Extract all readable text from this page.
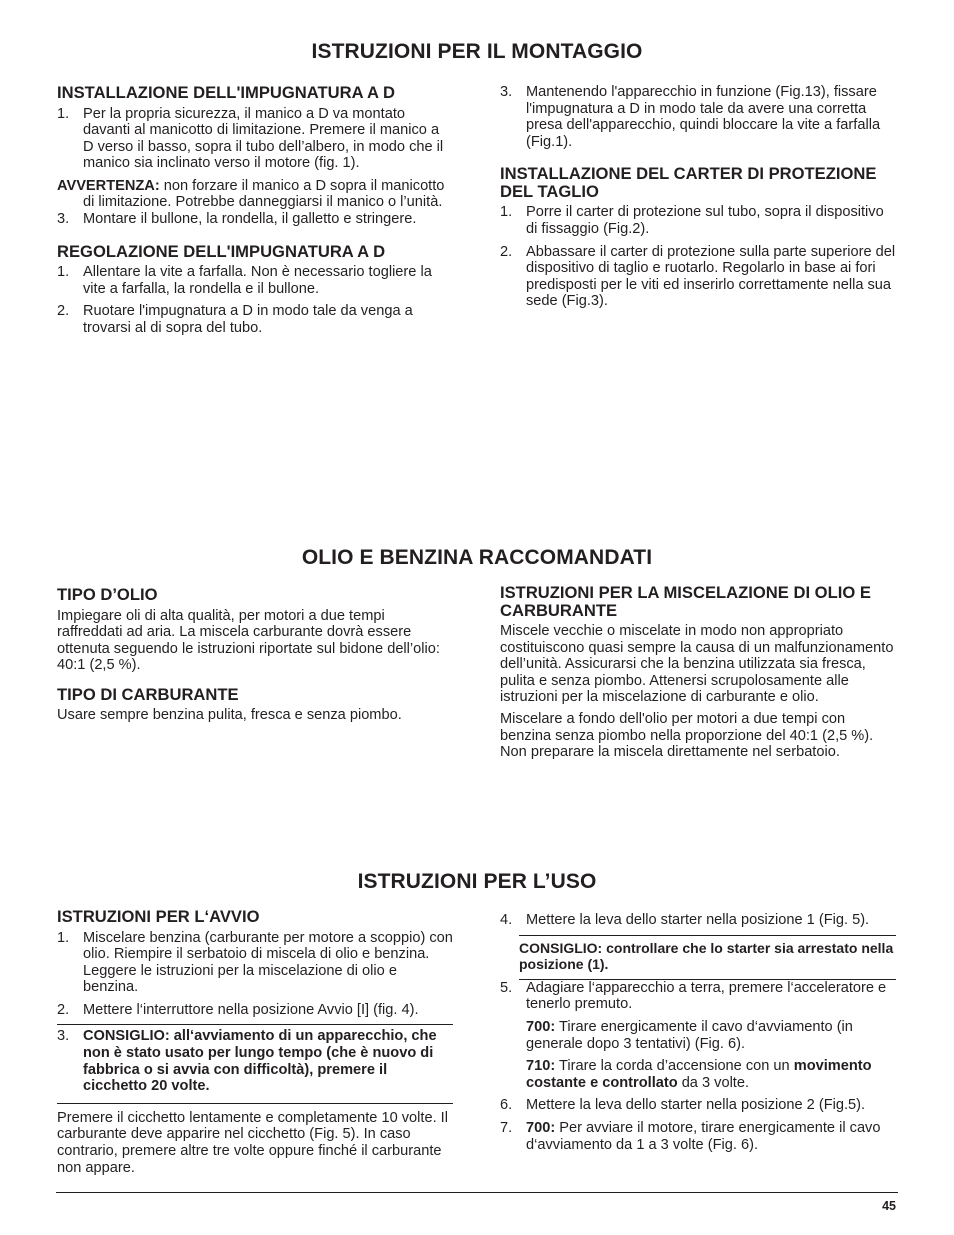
ISTRUZIONI PER IL MONTAGGIO
INSTALLAZIONE DELL'IMPUGNATURA A D
1. Per la propria sicurezza, il manico a D va montato davanti al manicotto di limitazione. Premere il manico a D verso il basso, sopra il tubo dell’albero, in modo che il manico sia inclinato verso il motore (fig. 1).

AVVERTENZA: non forzare il manico a D sopra il manicotto di limitazione. Potrebbe danneggiarsi il manico o l’unità.

3. Montare il bullone, la rondella, il galletto e stringere.
REGOLAZIONE DELL'IMPUGNATURA A D
1. Allentare la vite a farfalla. Non è necessario togliere la vite a farfalla, la rondella e il bullone.
2. Ruotare l'impugnatura a D in modo tale da venga a trovarsi al di sopra del tubo.
3. Mantenendo l'apparecchio in funzione (Fig.13), fissare l'impugnatura a D in modo tale da avere una corretta presa dell'apparecchio, quindi bloccare la vite a farfalla (Fig.1).
INSTALLAZIONE DEL CARTER DI PROTEZIONE DEL TAGLIO
1. Porre il carter di protezione sul tubo, sopra il dispositivo di fissaggio (Fig.2).
2. Abbassare il carter di protezione sulla parte superiore del dispositivo di taglio e ruotarlo. Regolarlo in base ai fori predisposti per le viti ed inserirlo correttamente nella sua sede (Fig.3).
OLIO E BENZINA RACCOMANDATI
TIPO D’OLIO

Impiegare oli di alta qualità, per motori a due tempi raffreddati ad aria. La miscela carburante dovrà essere ottenuta seguendo le istruzioni riportate sul bidone dell’olio: 40:1 (2,5 %).

TIPO DI CARBURANTE

Usare sempre benzina pulita, fresca e senza piombo.

ISTRUZIONI PER LA MISCELAZIONE DI OLIO E CARBURANTE

Miscele vecchie o miscelate in modo non appropriato costituiscono quasi sempre la causa di un malfunzionamento dell’unità. Assicurarsi che la benzina utilizzata sia fresca, pulita e senza piombo. Attenersi scrupolosamente alle istruzioni per la miscelazione di carburante e olio.

Miscelare a fondo dell'olio per motori a due tempi con benzina senza piombo nella proporzione del 40:1 (2,5 %). Non preparare la miscela direttamente nel serbatoio.

ISTRUZIONI PER L’USO
ISTRUZIONI PER L‘AVVIO
1. Miscelare benzina (carburante per motore a scoppio) con olio. Riempire il serbatoio di miscela di olio e benzina. Leggere le istruzioni per la miscelazione di olio e benzina.
2. Mettere l‘interruttore nella posizione Avvio [I] (fig. 4).
3. CONSIGLIO: all‘avviamento di un apparecchio, che non è stato usato per lungo tempo (che è nuovo di fabbrica o si avvia con difficoltà), premere il cicchetto 20 volte.

Premere il cicchetto lentamente e completamente 10 volte. Il carburante deve apparire nel cicchetto (Fig. 5). In caso contrario, premere altre tre volte oppure finché il carburante non appare.

4. Mettere la leva dello starter nella posizione 1 (Fig. 5).

CONSIGLIO: controllare che lo starter sia arrestato nella posizione (1).

5. Adagiare l‘apparecchio a terra, premere l‘acceleratore e tenerlo premuto.

700: Tirare energicamente il cavo d‘avviamento (in generale dopo 3 tentativi) (Fig. 6).

710: Tirare la corda d’accensione con un movimento costante e controllato da 3 volte.

6. Mettere la leva dello starter nella posizione 2 (Fig.5).
7. 700: Per avviare il motore, tirare energicamente il cavo d‘avviamento da 1 a 3 volte (Fig. 6).
45
